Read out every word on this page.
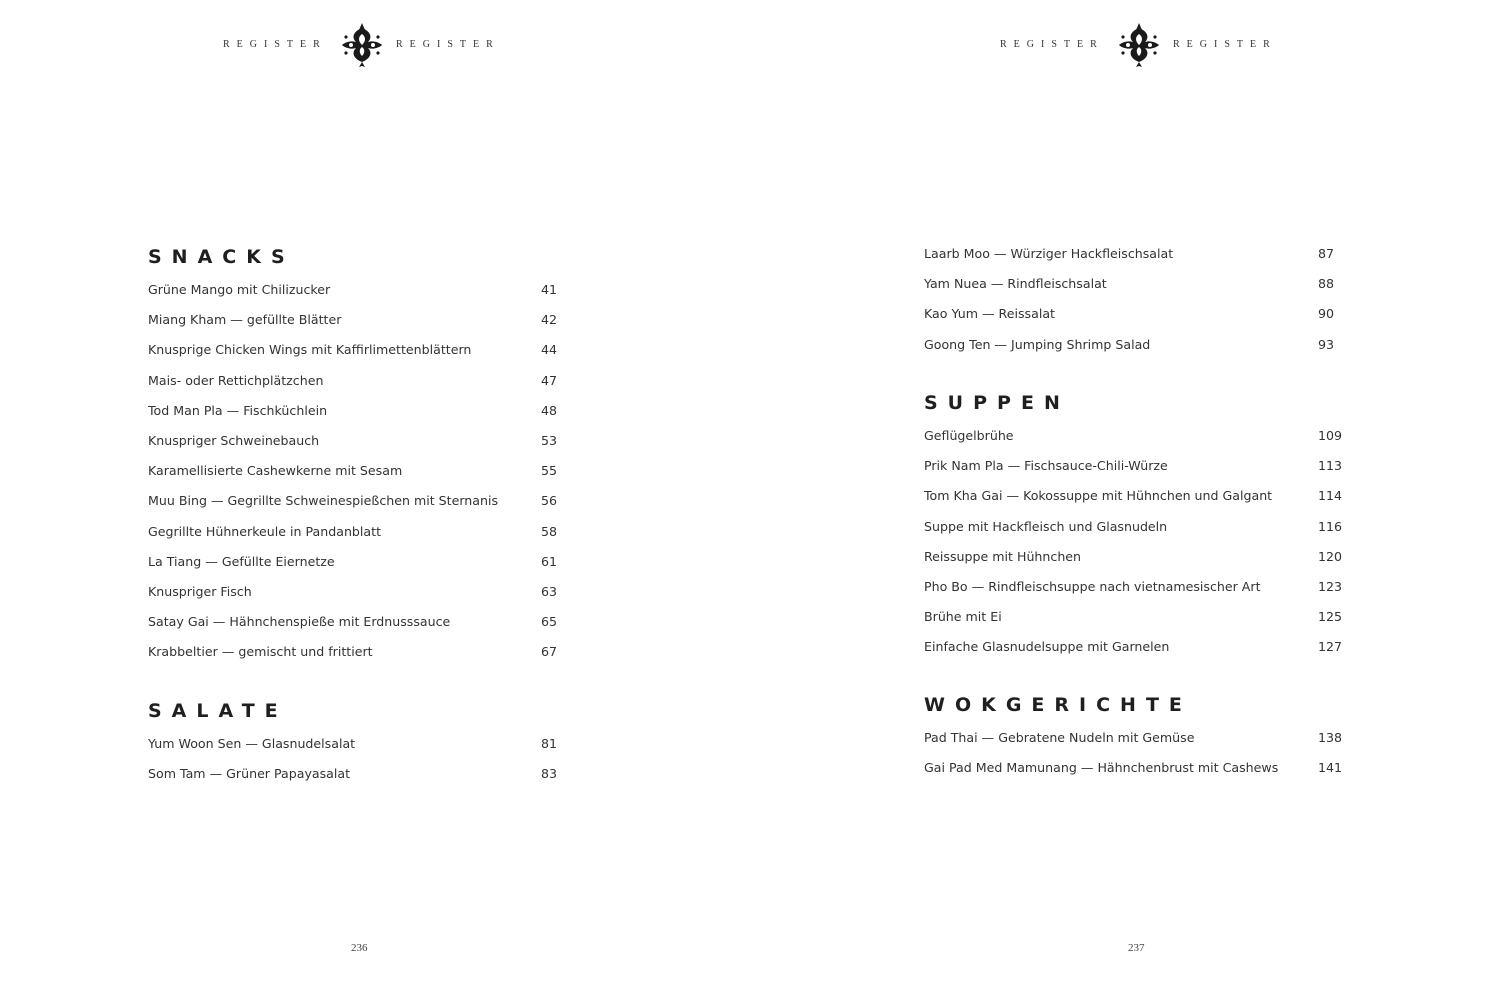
REGISTER	REGISTER
SNACKS
Grüne Mango mit Chilizucker	41
Miang Kham — gefüllte Blätter	42
Knusprige Chicken Wings mit Kaffirlimettenblättern	44
Mais- oder Rettichplätzchen	47
Tod Man Pla — Fischküchlein	48
Knuspriger Schweinebauch	53
Karamellisierte Cashewkerne mit Sesam	55
Muu Bing — Gegrillte Schweinespießchen mit Sternanis	56
Gegrillte Hühnerkeule in Pandanblatt	58
La Tiang — Gefüllte Eiernetze	61
Knuspriger Fisch	63
Satay Gai — Hähnchenspieße mit Erdnusssauce	65
Krabbeltier — gemischt und frittiert	67
SALATE
Yum Woon Sen — Glasnudelsalat	81
Som Tam — Grüner Papayasalat	83
236
REGISTER	REGISTER
Laarb Moo — Würziger Hackfleischsalat	87
Yam Nuea — Rindfleischsalat	88
Kao Yum — Reissalat	90
Goong Ten — Jumping Shrimp Salad	93
SUPPEN
Geflügelbrühe	109
Prik Nam Pla — Fischsauce-Chili-Würze	113
Tom Kha Gai — Kokossuppe mit Hühnchen und Galgant	114
Suppe mit Hackfleisch und Glasnudeln	116
Reissuppe mit Hühnchen	120
Pho Bo — Rindfleischsuppe nach vietnamesischer Art	123
Brühe mit Ei	125
Einfache Glasnudelsuppe mit Garnelen	127
WOKGERICHTE
Pad Thai — Gebratene Nudeln mit Gemüse	138
Gai Pad Med Mamunang — Hähnchenbrust mit Cashews	141
237
